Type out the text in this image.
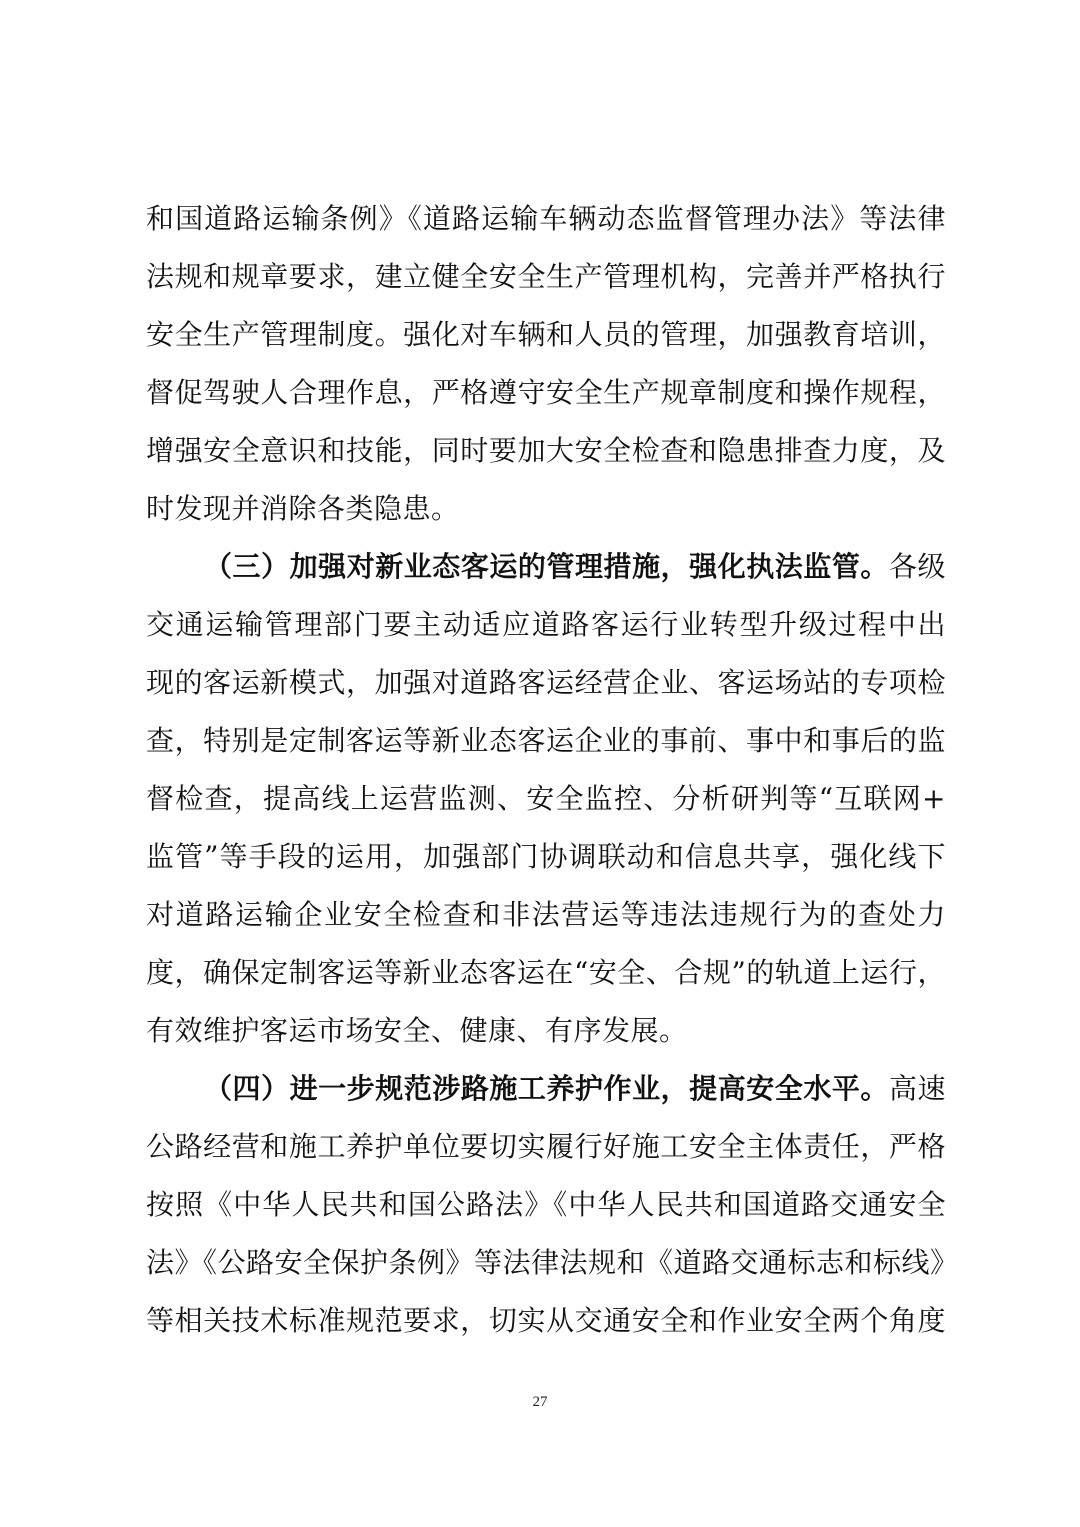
和国道路运输条例》《道路运输车辆动态监督管理办法》等法律
法规和规章要求，建立健全安全生产管理机构，完善并严格执行
安全生产管理制度。强化对车辆和人员的管理，加强教育培训，
督促驾驶人合理作息，严格遵守安全生产规章制度和操作规程，
增强安全意识和技能，同时要加大安全检查和隐患排查力度，及
时发现并消除各类隐患。
（三）加强对新业态客运的管理措施，强化执法监管。各级
交通运输管理部门要主动适应道路客运行业转型升级过程中出
现的客运新模式，加强对道路客运经营企业、客运场站的专项检
查，特别是定制客运等新业态客运企业的事前、事中和事后的监
督检查，提高线上运营监测、安全监控、分析研判等“互联网+
监管”等手段的运用，加强部门协调联动和信息共享，强化线下
对道路运输企业安全检查和非法营运等违法违规行为的查处力
度，确保定制客运等新业态客运在“安全、合规”的轨道上运行，
有效维护客运市场安全、健康、有序发展。
（四）进一步规范涉路施工养护作业，提高安全水平。高速
公路经营和施工养护单位要切实履行好施工安全主体责任，严格
按照《中华人民共和国公路法》《中华人民共和国道路交通安全
法》《公路安全保护条例》等法律法规和《道路交通标志和标线》
等相关技术标准规范要求，切实从交通安全和作业安全两个角度
27
